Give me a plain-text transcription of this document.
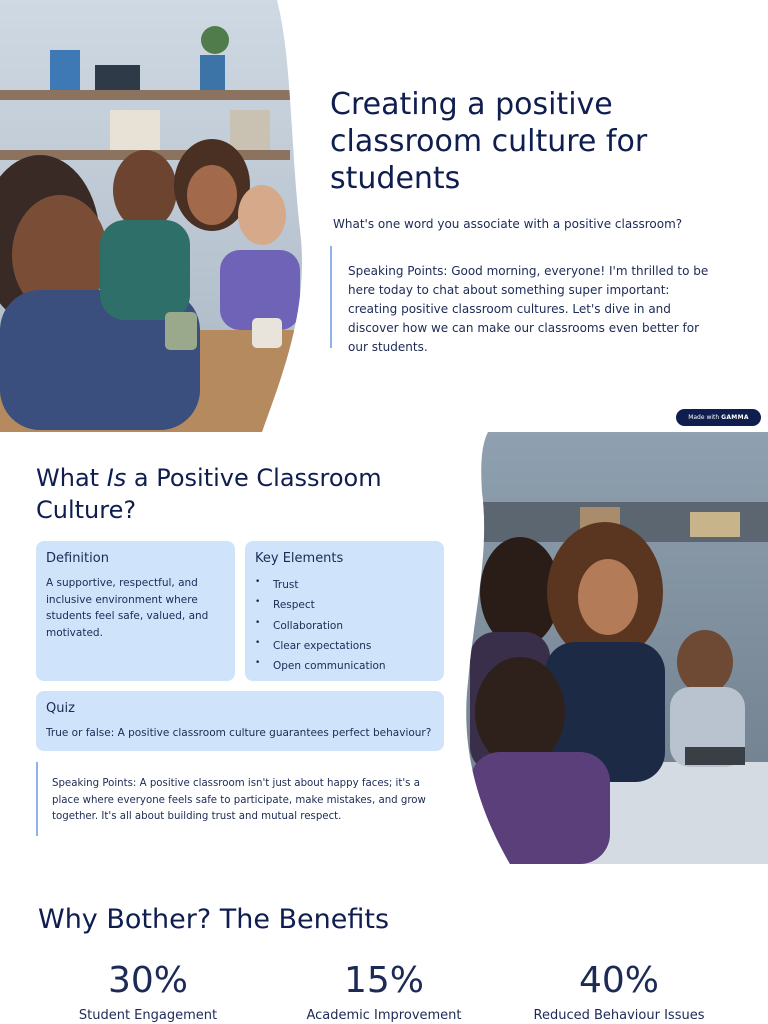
Creating a positive classroom culture for students

What's one word you associate with a positive classroom?

Speaking Points: Good morning, everyone! I'm thrilled to be here today to chat about something super important: creating positive classroom cultures. Let's dive in and discover how we can make our classrooms even better for our students.
Made with GAMMA
What Is a Positive Classroom Culture?
Definition

A supportive, respectful, and inclusive environment where students feel safe, valued, and motivated.

Key Elements
• Trust
• Respect
• Collaboration
• Clear expectations
• Open communication
Quiz

True or false: A positive classroom culture guarantees perfect behaviour?

Speaking Points: A positive classroom isn't just about happy faces; it's a place where everyone feels safe to participate, make mistakes, and grow together. It's all about building trust and mutual respect.
Why Bother? The Benefits
30%
Student Engagement
15%
Academic Improvement
40%
Reduced Behaviour Issues
